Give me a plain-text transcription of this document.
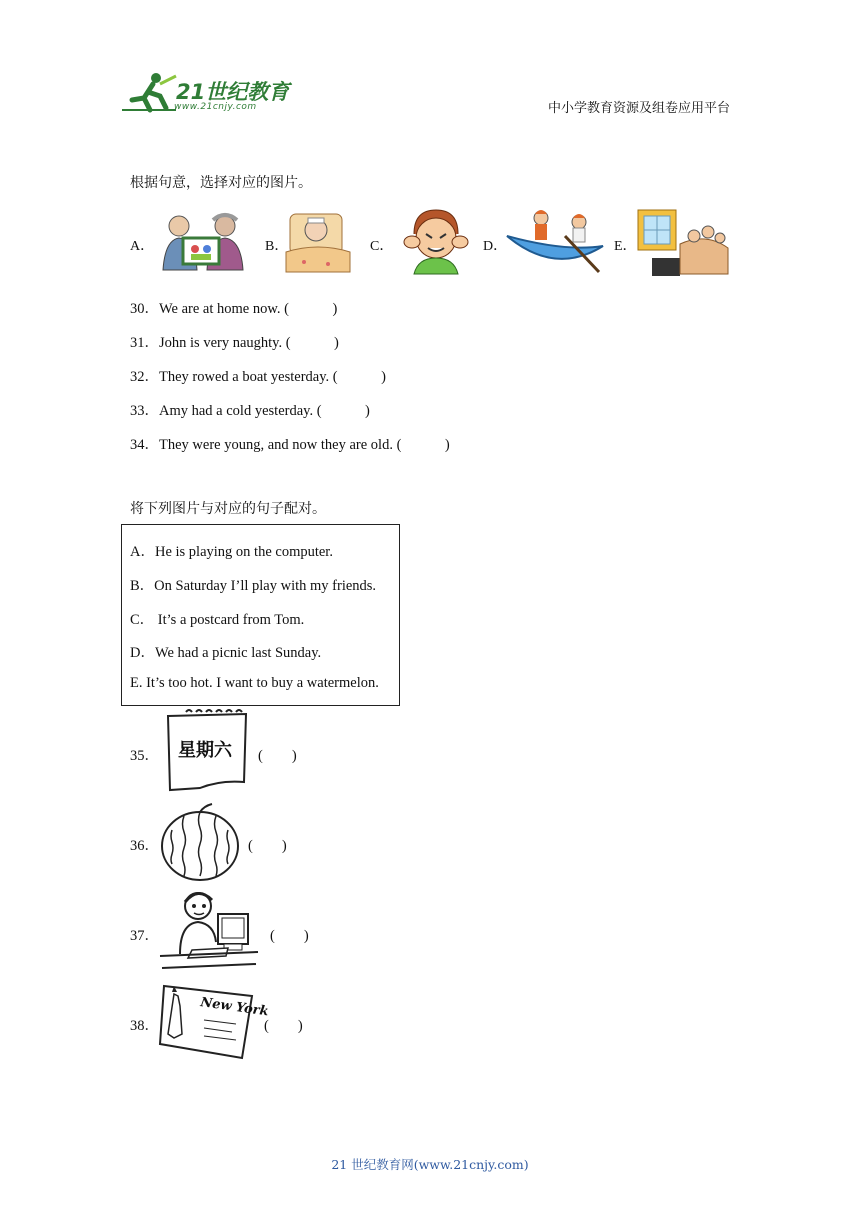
21世纪教育
www.21cnjy.com	中小学教育资源及组卷应用平台
根据句意，选择对应的图片。
A．	B．	C．	D．	E．
30．We are at home now. (　　　)
31．John is very naughty. (　　　)
32．They rowed a boat yesterday. (　　　)
33．Amy had a cold yesterday. (　　　)
34．They were young, and now they are old. (　　　)
将下列图片与对应的句子配对。
A．He is playing on the computer.
B．On Saturday I’ll play with my friends.
C． It’s a postcard from Tom.
D．We had a picnic last Sunday.
E. It’s too hot. I want to buy a watermelon.
35． 星期六 (　　)
36．	(　　)
37．	(　　)
38．
New York
(　　)
21 世纪教育网(www.21cnjy.com)
